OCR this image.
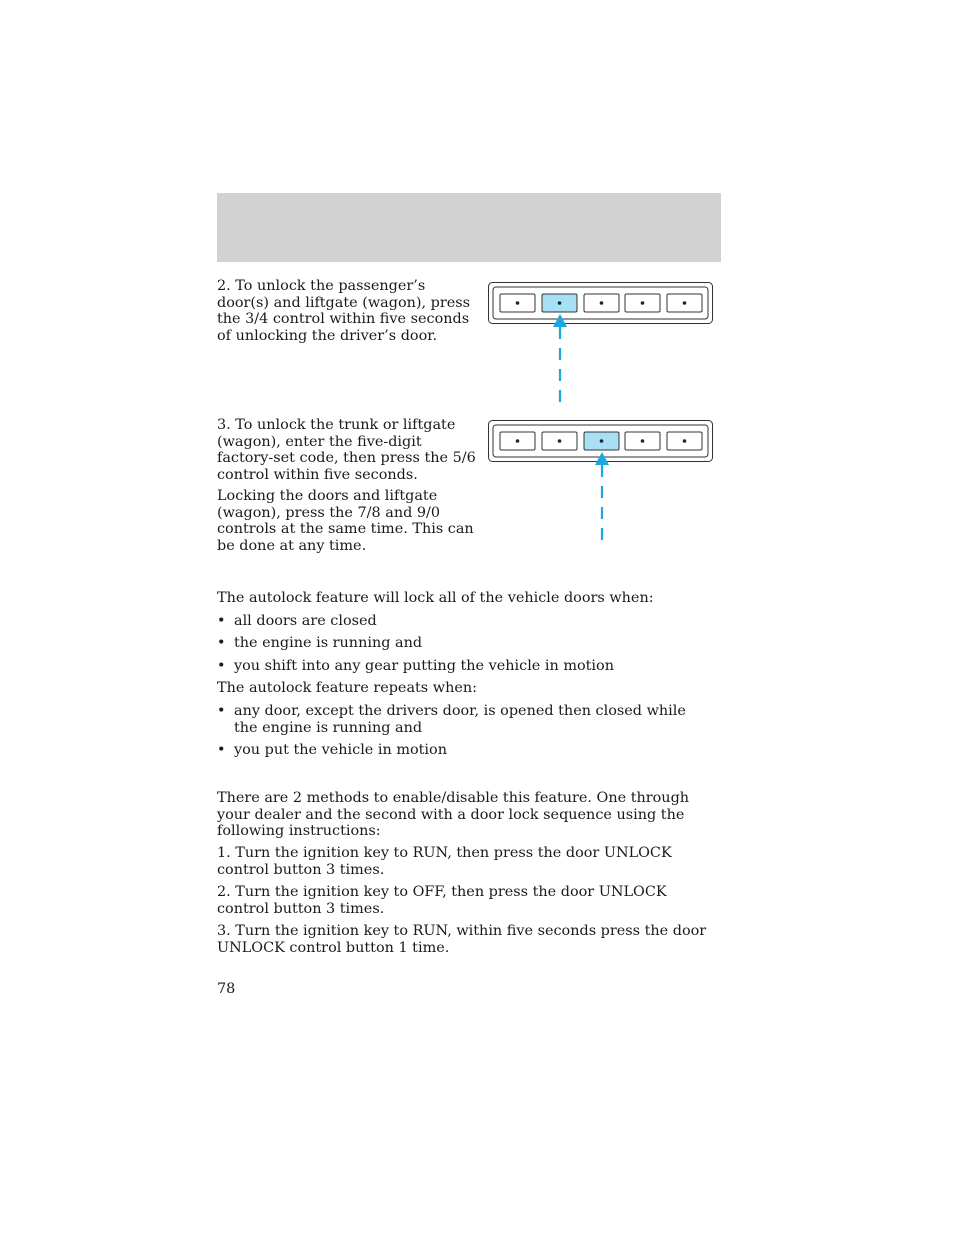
2. To unlock the passenger’s door(s) and liftgate (wagon), press the 3/4 control within five seconds of unlocking the driver’s door.

3. To unlock the trunk or liftgate (wagon), enter the five-digit factory-set code, then press the 5/6 control within five seconds.

Locking the doors and liftgate (wagon), press the 7/8 and 9/0 controls at the same time. This can be done at any time.

The autolock feature will lock all of the vehicle doors when:

• all doors are closed
• the engine is running and
• you shift into any gear putting the vehicle in motion

The autolock feature repeats when:

• any door, except the drivers door, is opened then closed while the engine is running and
• you put the vehicle in motion

There are 2 methods to enable/disable this feature. One through your dealer and the second with a door lock sequence using the following instructions:

1. Turn the ignition key to RUN, then press the door UNLOCK control button 3 times.

2. Turn the ignition key to OFF, then press the door UNLOCK control button 3 times.

3. Turn the ignition key to RUN, within five seconds press the door UNLOCK control button 1 time.

78
